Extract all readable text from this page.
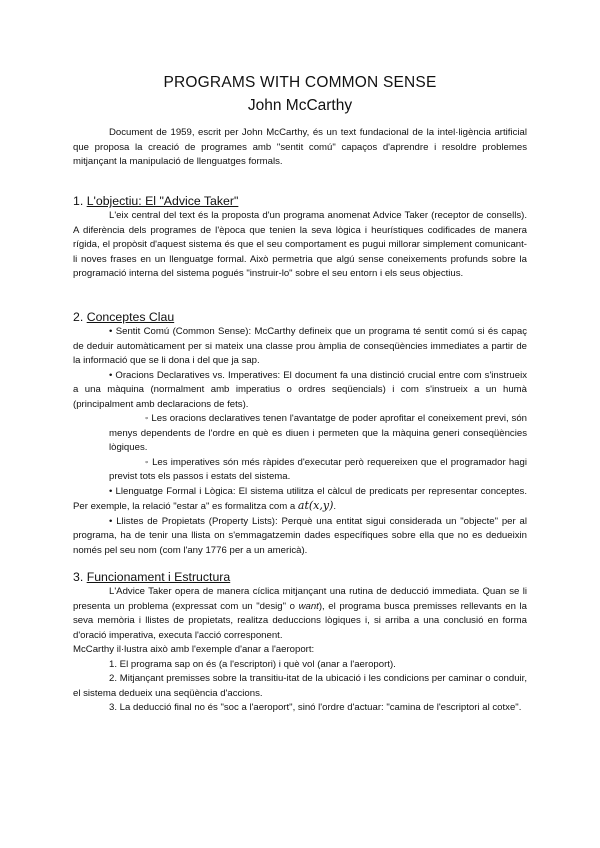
PROGRAMS WITH COMMON SENSE
John McCarthy

Document de 1959, escrit per John McCarthy, és un text fundacional de la intel·ligència artificial que proposa la creació de programes amb "sentit comú" capaços d'aprendre i resoldre problemes mitjançant la manipulació de llenguatges formals.

1. L'objectiu: El "Advice Taker"

L'eix central del text és la proposta d'un programa anomenat Advice Taker (receptor de consells). A diferència dels programes de l'època que tenien la seva lògica i heurístiques codificades de manera rígida, el propòsit d'aquest sistema és que el seu comportament es pugui millorar simplement comunicant-li noves frases en un llenguatge formal. Això permetria que algú sense coneixements profunds sobre la programació interna del sistema pogués "instruir-lo" sobre el seu entorn i els seus objectius.

2. Conceptes Clau

• Sentit Comú (Common Sense): McCarthy defineix que un programa té sentit comú si és capaç de deduir automàticament per si mateix una classe prou àmplia de conseqüències immediates a partir de la informació que se li dona i del que ja sap.

• Oracions Declaratives vs. Imperatives: El document fa una distinció crucial entre com s'instrueix a una màquina (normalment amb imperatius o ordres seqüencials) i com s'instrueix a un humà (principalment amb declaracions de fets).

◦ Les oracions declaratives tenen l'avantatge de poder aprofitar el coneixement previ, són menys dependents de l'ordre en què es diuen i permeten que la màquina generi conseqüències lògiques.

◦ Les imperatives són més ràpides d'executar però requereixen que el programador hagi previst tots els passos i estats del sistema.

• Llenguatge Formal i Lògica: El sistema utilitza el càlcul de predicats per representar conceptes. Per exemple, la relació "estar a" es formalitza com a at(x,y).

• Llistes de Propietats (Property Lists): Perquè una entitat sigui considerada un "objecte" per al programa, ha de tenir una llista on s'emmagatzemin dades específiques sobre ella que no es dedueixin només pel seu nom (com l'any 1776 per a un americà).

3. Funcionament i Estructura

L'Advice Taker opera de manera cíclica mitjançant una rutina de deducció immediata. Quan se li presenta un problema (expressat com un "desig" o want), el programa busca premisses rellevants en la seva memòria i llistes de propietats, realitza deduccions lògiques i, si arriba a una conclusió en forma d'oració imperativa, executa l'acció corresponent.

McCarthy il·lustra això amb l'exemple d'anar a l'aeroport:

1. El programa sap on és (a l'escriptori) i què vol (anar a l'aeroport).

2. Mitjançant premisses sobre la transitiu-itat de la ubicació i les condicions per caminar o conduir, el sistema dedueix una seqüència d'accions.

3. La deducció final no és "soc a l'aeroport", sinó l'ordre d'actuar: "camina de l'escriptori al cotxe".
